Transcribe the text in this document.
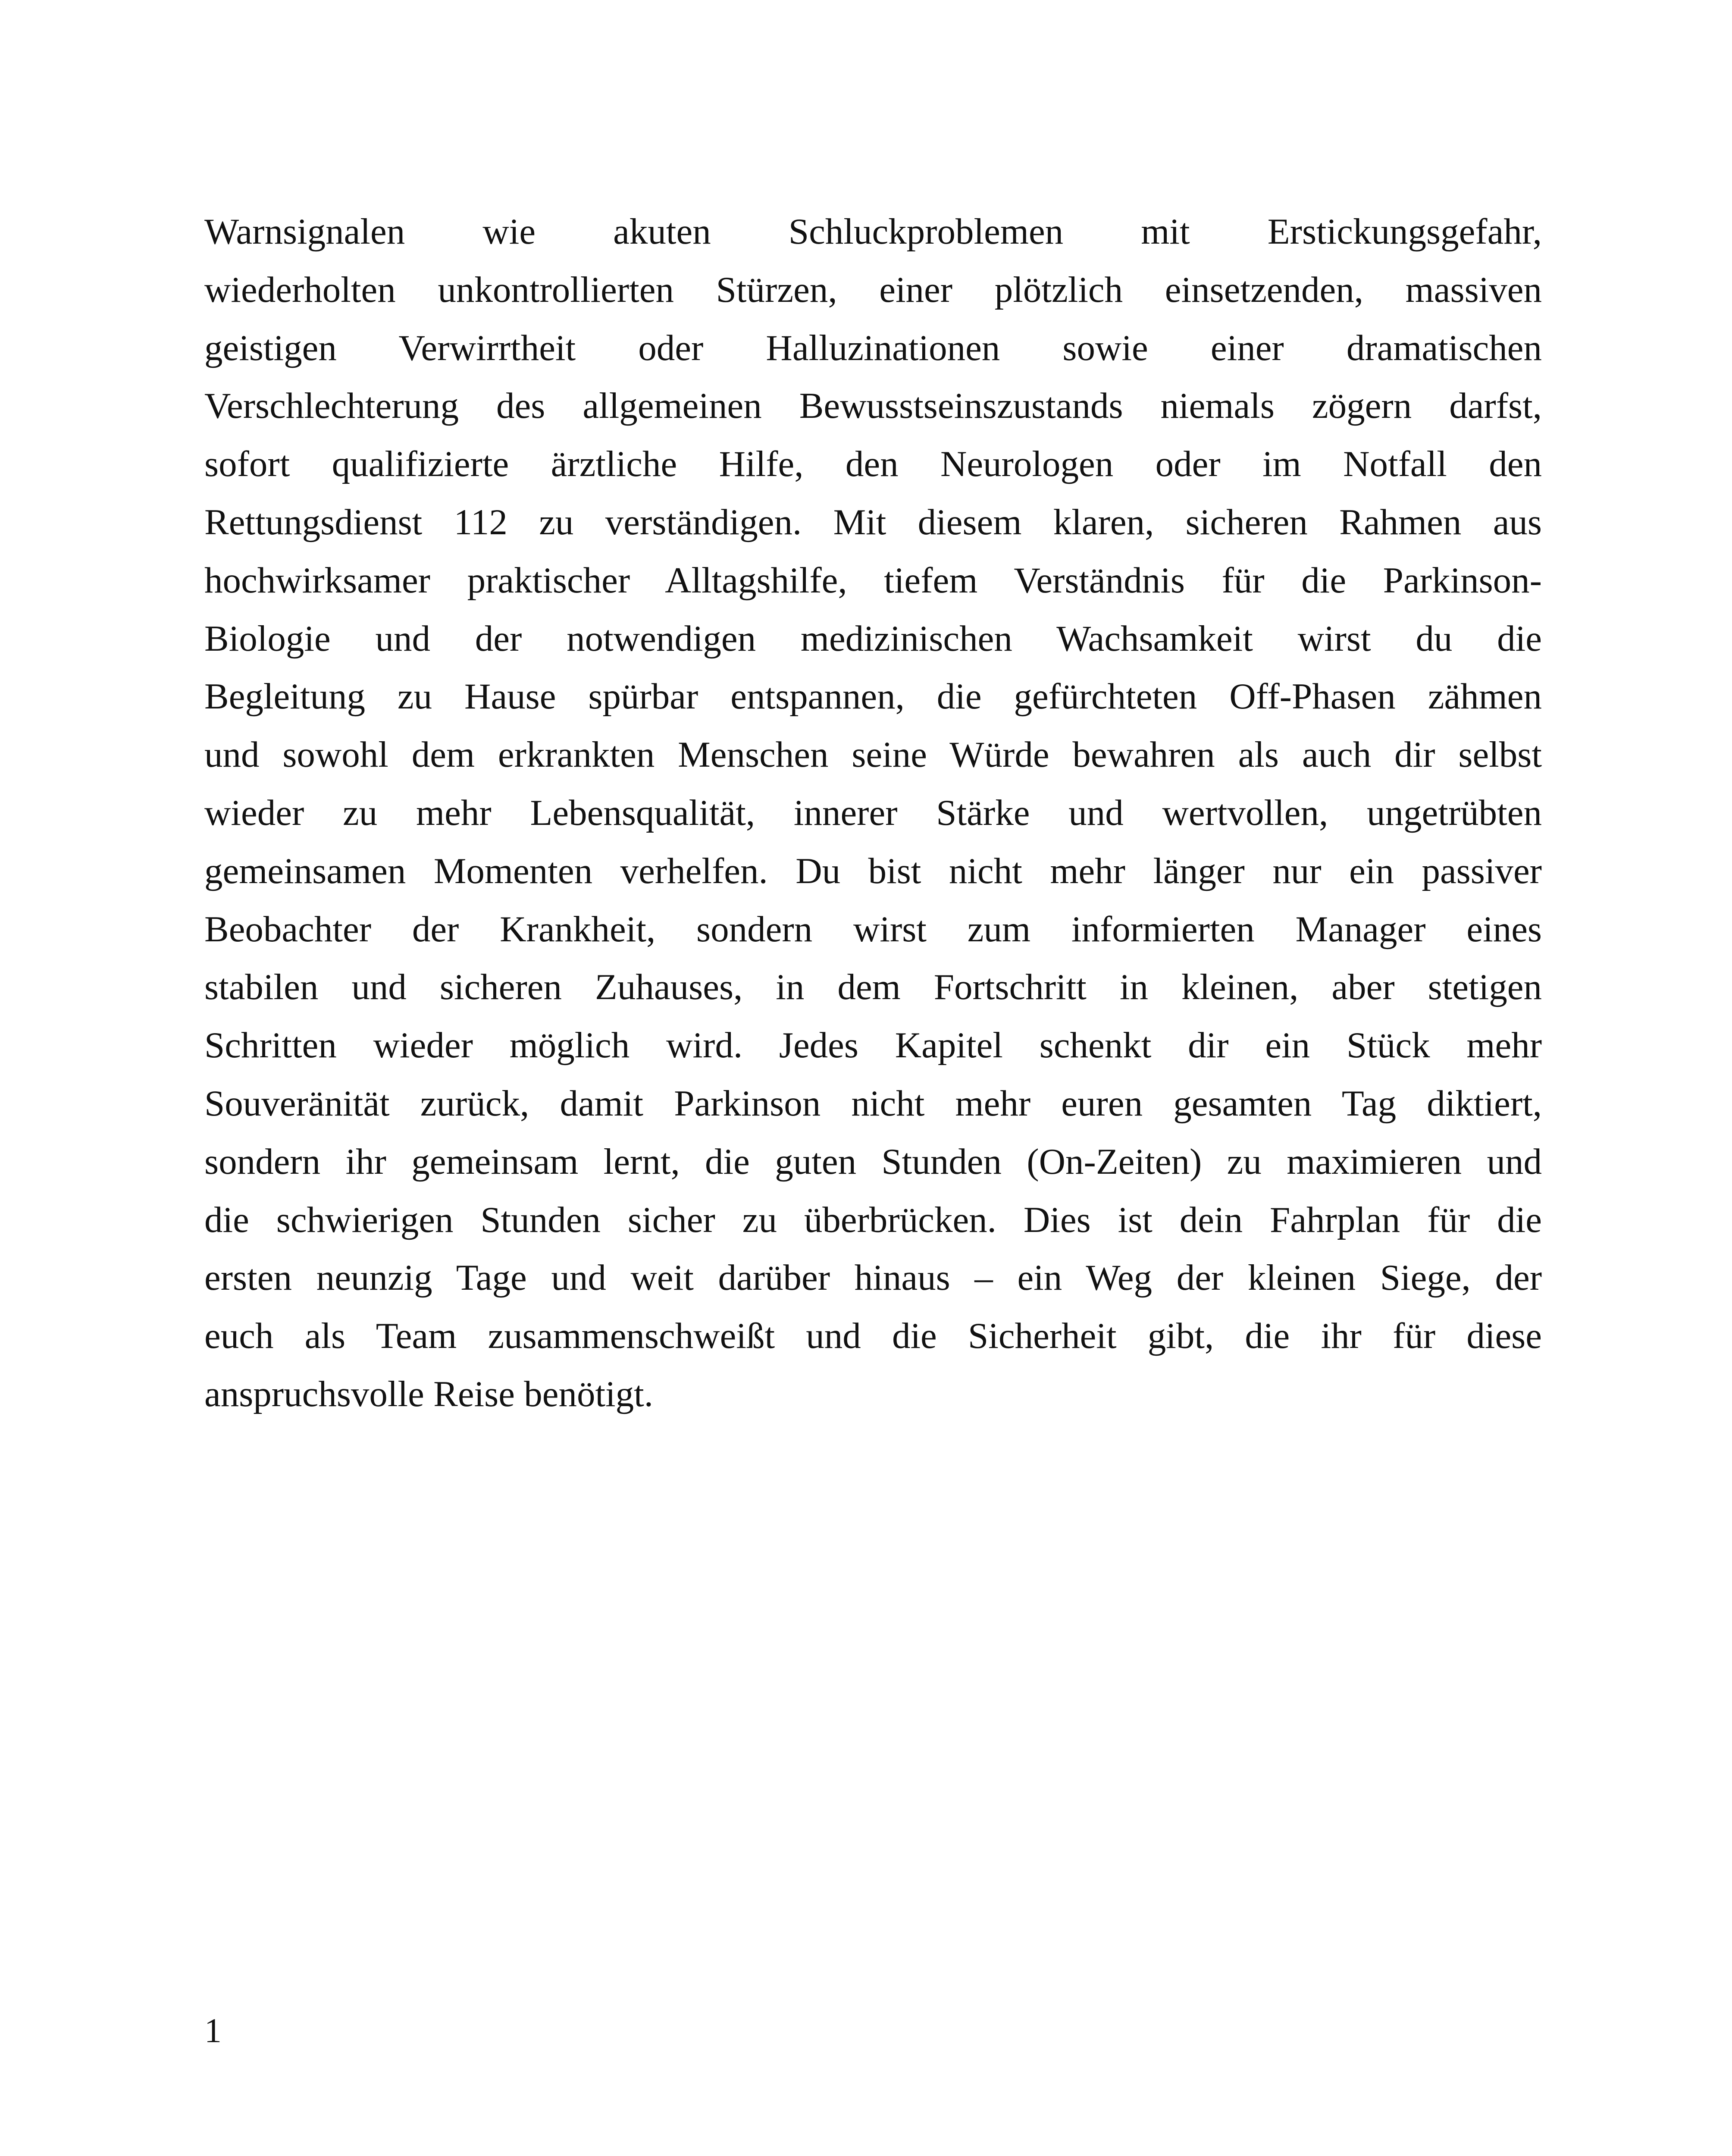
Warnsignalen wie akuten Schluckproblemen mit Erstickungsgefahr,
wiederholten unkontrollierten Stürzen, einer plötzlich einsetzenden, massiven
geistigen Verwirrtheit oder Halluzinationen sowie einer dramatischen
Verschlechterung des allgemeinen Bewusstseinszustands niemals zögern darfst,
sofort qualifizierte ärztliche Hilfe, den Neurologen oder im Notfall den
Rettungsdienst 112 zu verständigen. Mit diesem klaren, sicheren Rahmen aus
hochwirksamer praktischer Alltagshilfe, tiefem Verständnis für die Parkinson-
Biologie und der notwendigen medizinischen Wachsamkeit wirst du die
Begleitung zu Hause spürbar entspannen, die gefürchteten Off-Phasen zähmen
und sowohl dem erkrankten Menschen seine Würde bewahren als auch dir selbst
wieder zu mehr Lebensqualität, innerer Stärke und wertvollen, ungetrübten
gemeinsamen Momenten verhelfen. Du bist nicht mehr länger nur ein passiver
Beobachter der Krankheit, sondern wirst zum informierten Manager eines
stabilen und sicheren Zuhauses, in dem Fortschritt in kleinen, aber stetigen
Schritten wieder möglich wird. Jedes Kapitel schenkt dir ein Stück mehr
Souveränität zurück, damit Parkinson nicht mehr euren gesamten Tag diktiert,
sondern ihr gemeinsam lernt, die guten Stunden (On-Zeiten) zu maximieren und
die schwierigen Stunden sicher zu überbrücken. Dies ist dein Fahrplan für die
ersten neunzig Tage und weit darüber hinaus – ein Weg der kleinen Siege, der
euch als Team zusammenschweißt und die Sicherheit gibt, die ihr für diese
anspruchsvolle Reise benötigt.

1
